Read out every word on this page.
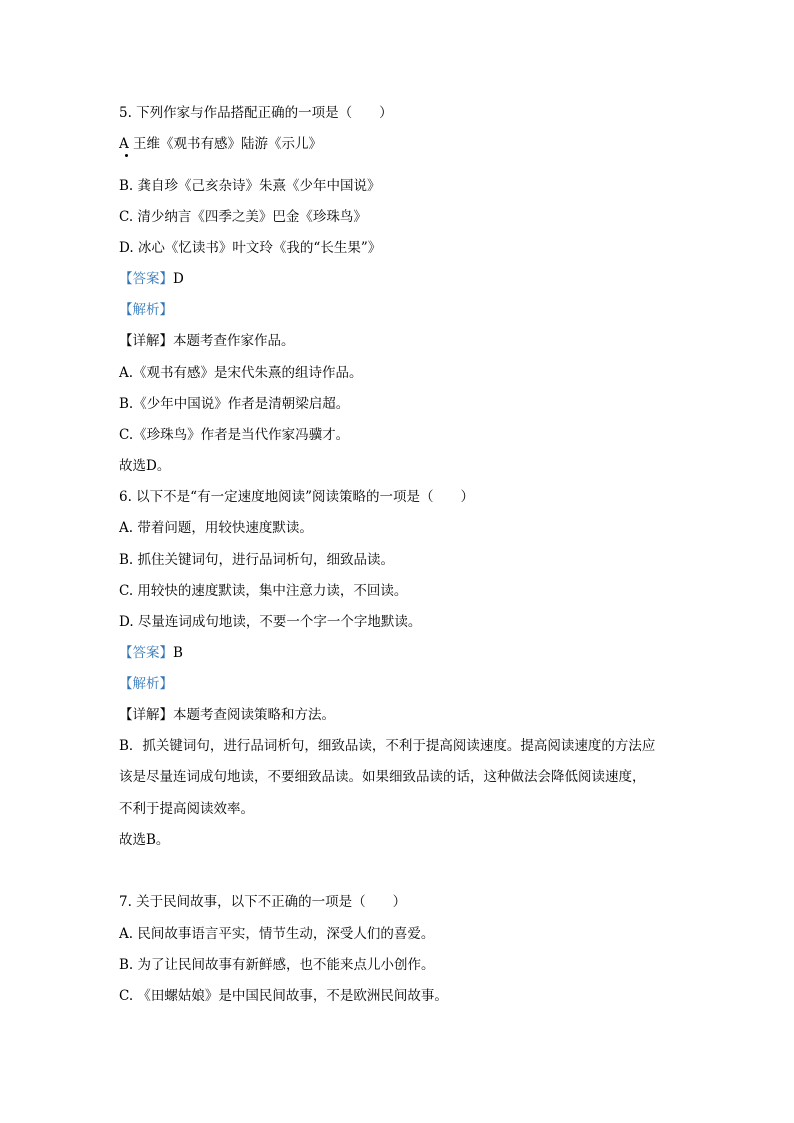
5. 下列作家与作品搭配正确的一项是（　　）
A 王维《观书有感》陆游《示儿》
B. 龚自珍《己亥杂诗》朱熹《少年中国说》
C. 清少纳言《四季之美》巴金《珍珠鸟》
D. 冰心《忆读书》叶文玲《我的“长生果”》
【答案】D
【解析】
【详解】本题考查作家作品。
A.《观书有感》是宋代朱熹的组诗作品。
B.《少年中国说》作者是清朝梁启超。
C.《珍珠鸟》作者是当代作家冯骥才。
故选D。
6. 以下不是“有一定速度地阅读”阅读策略的一项是（　　）
A. 带着问题，用较快速度默读。
B. 抓住关键词句，进行品词析句，细致品读。
C. 用较快的速度默读，集中注意力读，不回读。
D. 尽量连词成句地读，不要一个字一个字地默读。
【答案】B
【解析】
【详解】本题考查阅读策略和方法。
B．抓关键词句，进行品词析句，细致品读，不利于提高阅读速度。提高阅读速度的方法应
该是尽量连词成句地读，不要细致品读。如果细致品读的话，这种做法会降低阅读速度，
不利于提高阅读效率。
故选B。
7. 关于民间故事，以下不正确的一项是（　　）
A. 民间故事语言平实，情节生动，深受人们的喜爱。
B. 为了让民间故事有新鲜感，也不能来点儿小创作。
C. 《田螺姑娘》是中国民间故事，不是欧洲民间故事。
